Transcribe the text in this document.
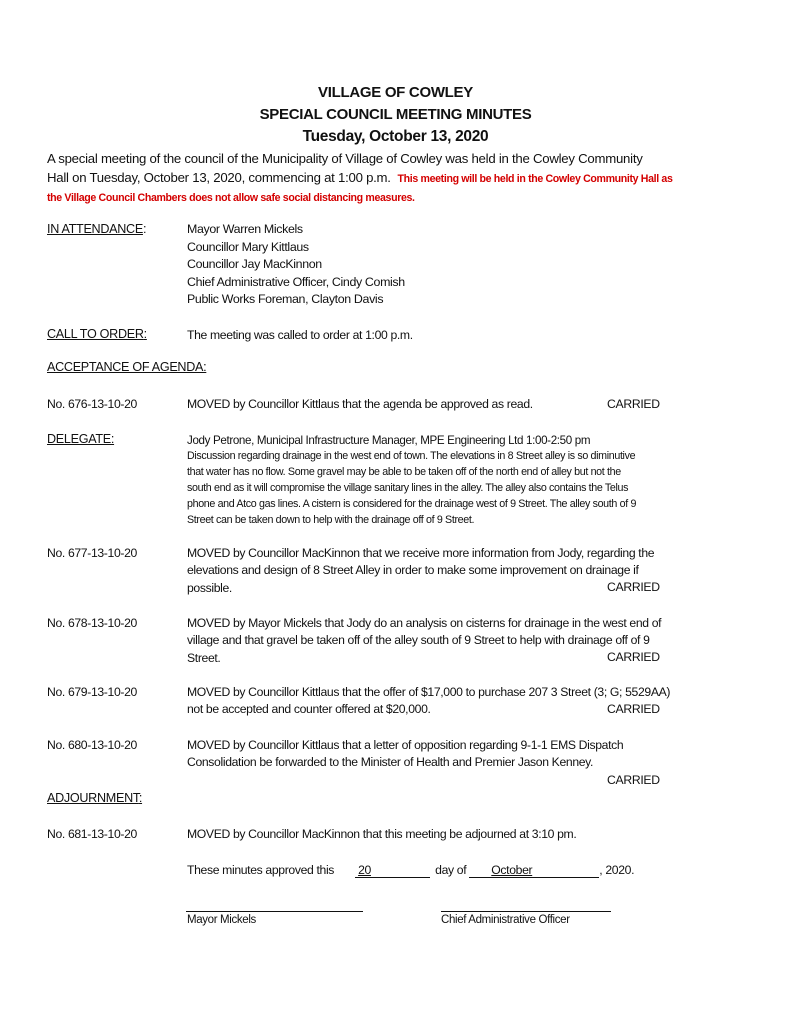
VILLAGE OF COWLEY
SPECIAL COUNCIL MEETING MINUTES
Tuesday, October 13, 2020
A special meeting of the council of the Municipality of Village of Cowley was held in the Cowley Community
Hall on Tuesday, October 13, 2020, commencing at 1:00 p.m. This meeting will be held in the Cowley Community Hall as
the Village Council Chambers does not allow safe social distancing measures.
IN ATTENDANCE:	Mayor Warren Mickels
Councillor Mary Kittlaus
Councillor Jay MacKinnon
Chief Administrative Officer, Cindy Comish
Public Works Foreman, Clayton Davis
CALL TO ORDER:	The meeting was called to order at 1:00 p.m.
ACCEPTANCE OF AGENDA:
No. 676-13-10-20	MOVED by Councillor Kittlaus that the agenda be approved as read.	CARRIED
DELEGATE:	Jody Petrone, Municipal Infrastructure Manager, MPE Engineering Ltd 1:00-2:50 pm
Discussion regarding drainage in the west end of town. The elevations in 8 Street alley is so diminutive
that water has no flow. Some gravel may be able to be taken off of the north end of alley but not the
south end as it will compromise the village sanitary lines in the alley. The alley also contains the Telus
phone and Atco gas lines. A cistern is considered for the drainage west of 9 Street. The alley south of 9
Street can be taken down to help with the drainage off of 9 Street.
No. 677-13-10-20	MOVED by Councillor MacKinnon that we receive more information from Jody, regarding the
elevations and design of 8 Street Alley in order to make some improvement on drainage if
possible.	CARRIED
No. 678-13-10-20	MOVED by Mayor Mickels that Jody do an analysis on cisterns for drainage in the west end of
village and that gravel be taken off of the alley south of 9 Street to help with drainage off of 9
Street.	CARRIED
No. 679-13-10-20	MOVED by Councillor Kittlaus that the offer of $17,000 to purchase 207 3 Street (3; G; 5529AA)
not be accepted and counter offered at $20,000.	CARRIED
No. 680-13-10-20	MOVED by Councillor Kittlaus that a letter of opposition regarding 9-1-1 EMS Dispatch
Consolidation be forwarded to the Minister of Health and Premier Jason Kenney.
CARRIED
ADJOURNMENT:
No. 681-13-10-20	MOVED by Councillor MacKinnon that this meeting be adjourned at 3:10 pm.
These minutes approved this 20	day of October	, 2020.
Mayor Mickels	Chief Administrative Officer
